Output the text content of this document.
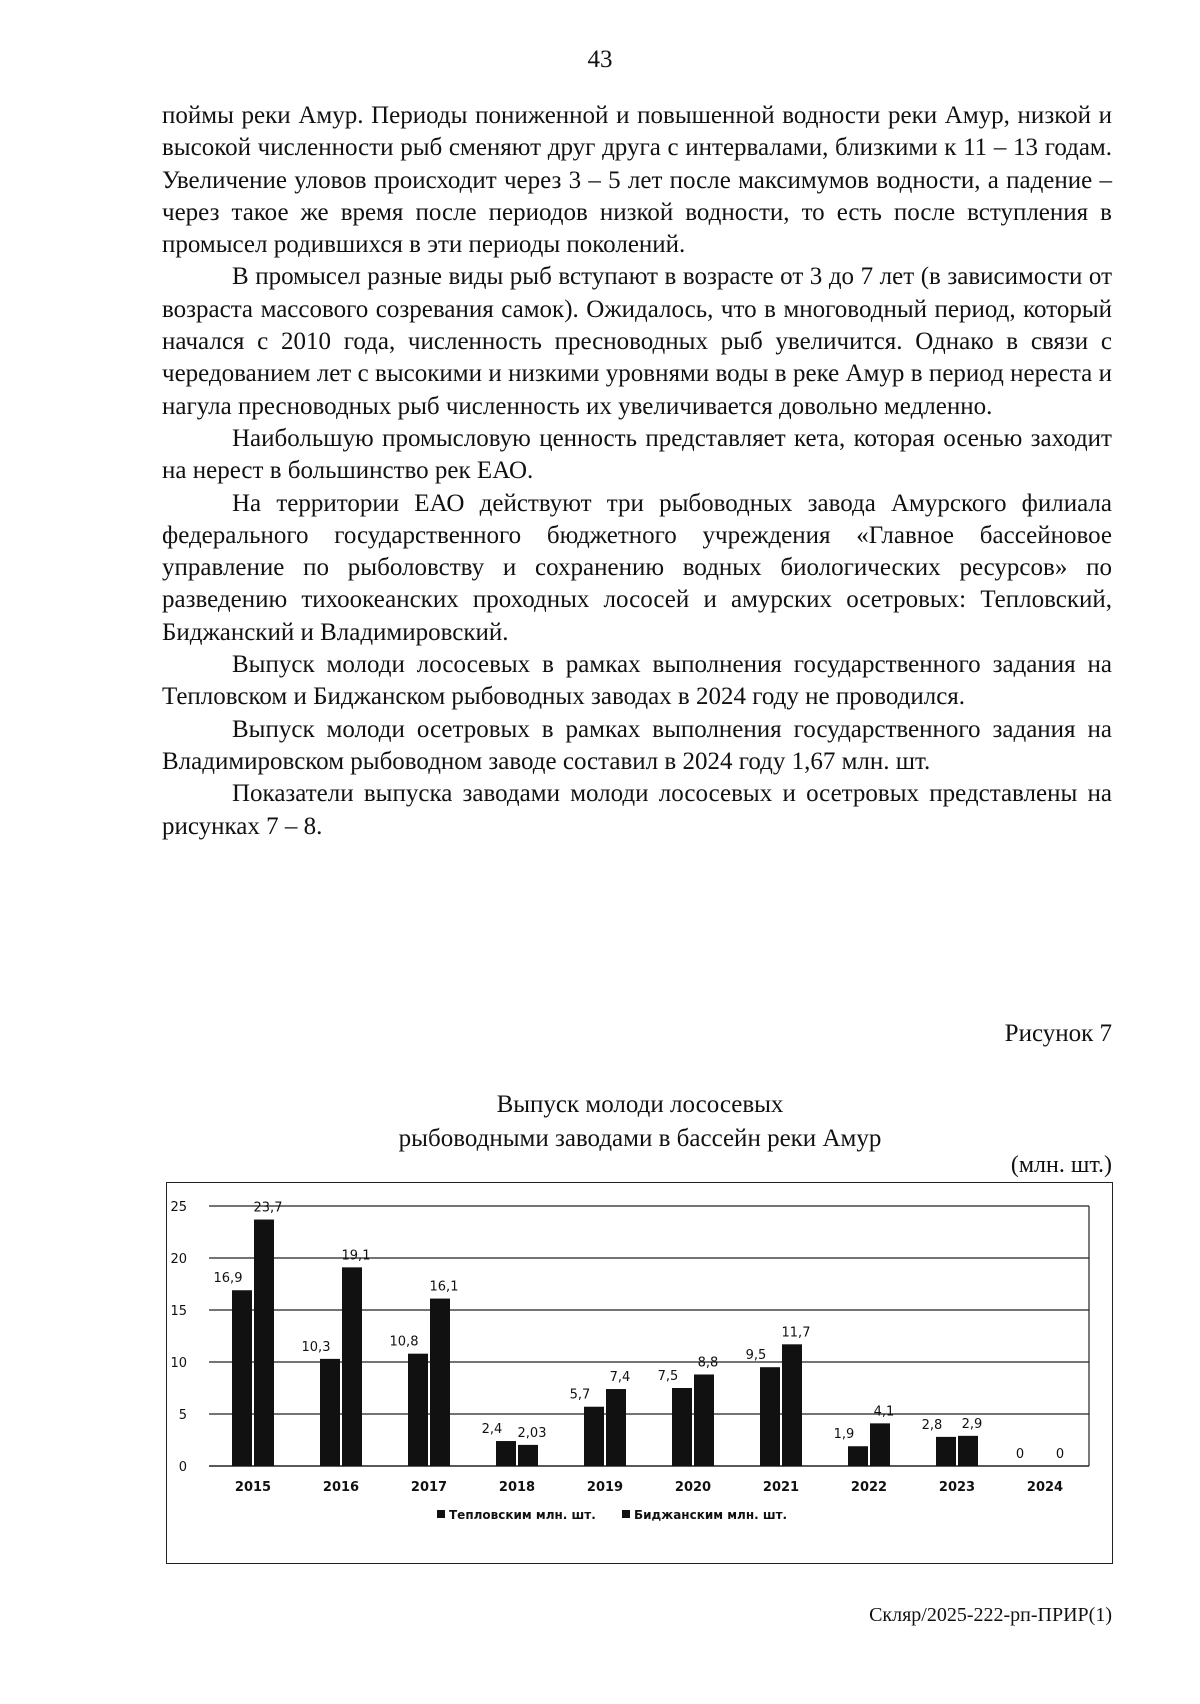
43

поймы реки Амур. Периоды пониженной и повышенной водности реки Амур, низкой и высокой численности рыб сменяют друг друга с интервалами, близкими к 11 – 13 годам. Увеличение уловов происходит через 3 – 5 лет после максимумов водности, а падение – через такое же время после периодов низкой водности, то есть после вступления в промысел родившихся в эти периоды поколений.

В промысел разные виды рыб вступают в возрасте от 3 до 7 лет (в зависимости от возраста массового созревания самок). Ожидалось, что в многоводный период, который начался с 2010 года, численность пресноводных рыб увеличится. Однако в связи с чередованием лет с высокими и низкими уровнями воды в реке Амур в период нереста и нагула пресноводных рыб численность их увеличивается довольно медленно.

Наибольшую промысловую ценность представляет кета, которая осенью заходит на нерест в большинство рек ЕАО.

На территории ЕАО действуют три рыбоводных завода Амурского филиала федерального государственного бюджетного учреждения «Главное бассейновое управление по рыболовству и сохранению водных биологических ресурсов» по разведению тихоокеанских проходных лососей и амурских осетровых: Тепловский, Биджанский и Владимировский.

Выпуск молоди лососевых в рамках выполнения государственного задания на Тепловском и Биджанском рыбоводных заводах в 2024 году не проводился.

Выпуск молоди осетровых в рамках выполнения государственного задания на Владимировском рыбоводном заводе составил в 2024 году 1,67 млн. шт.

Показатели выпуска заводами молоди лососевых и осетровых представлены на рисунках 7 – 8.

Рисунок 7
Выпуск молоди лососевых
рыбоводными заводами в бассейн реки Амур
(млн. шт.)
0
5
10
15
20
25
16,9
23,7
2015
10,3
19,1
2016
10,8
16,1
2017
2,4 2,03
2018
5,7
7,4
2019
7,5
8,8
2020
9,5
11,7
2021
1,9
4,1
2022
2,8 2,9
2023
0 0
2024
Тепловским млн. шт.	Биджанским млн. шт.
Скляр/2025-222-рп-ПРИР(1)
